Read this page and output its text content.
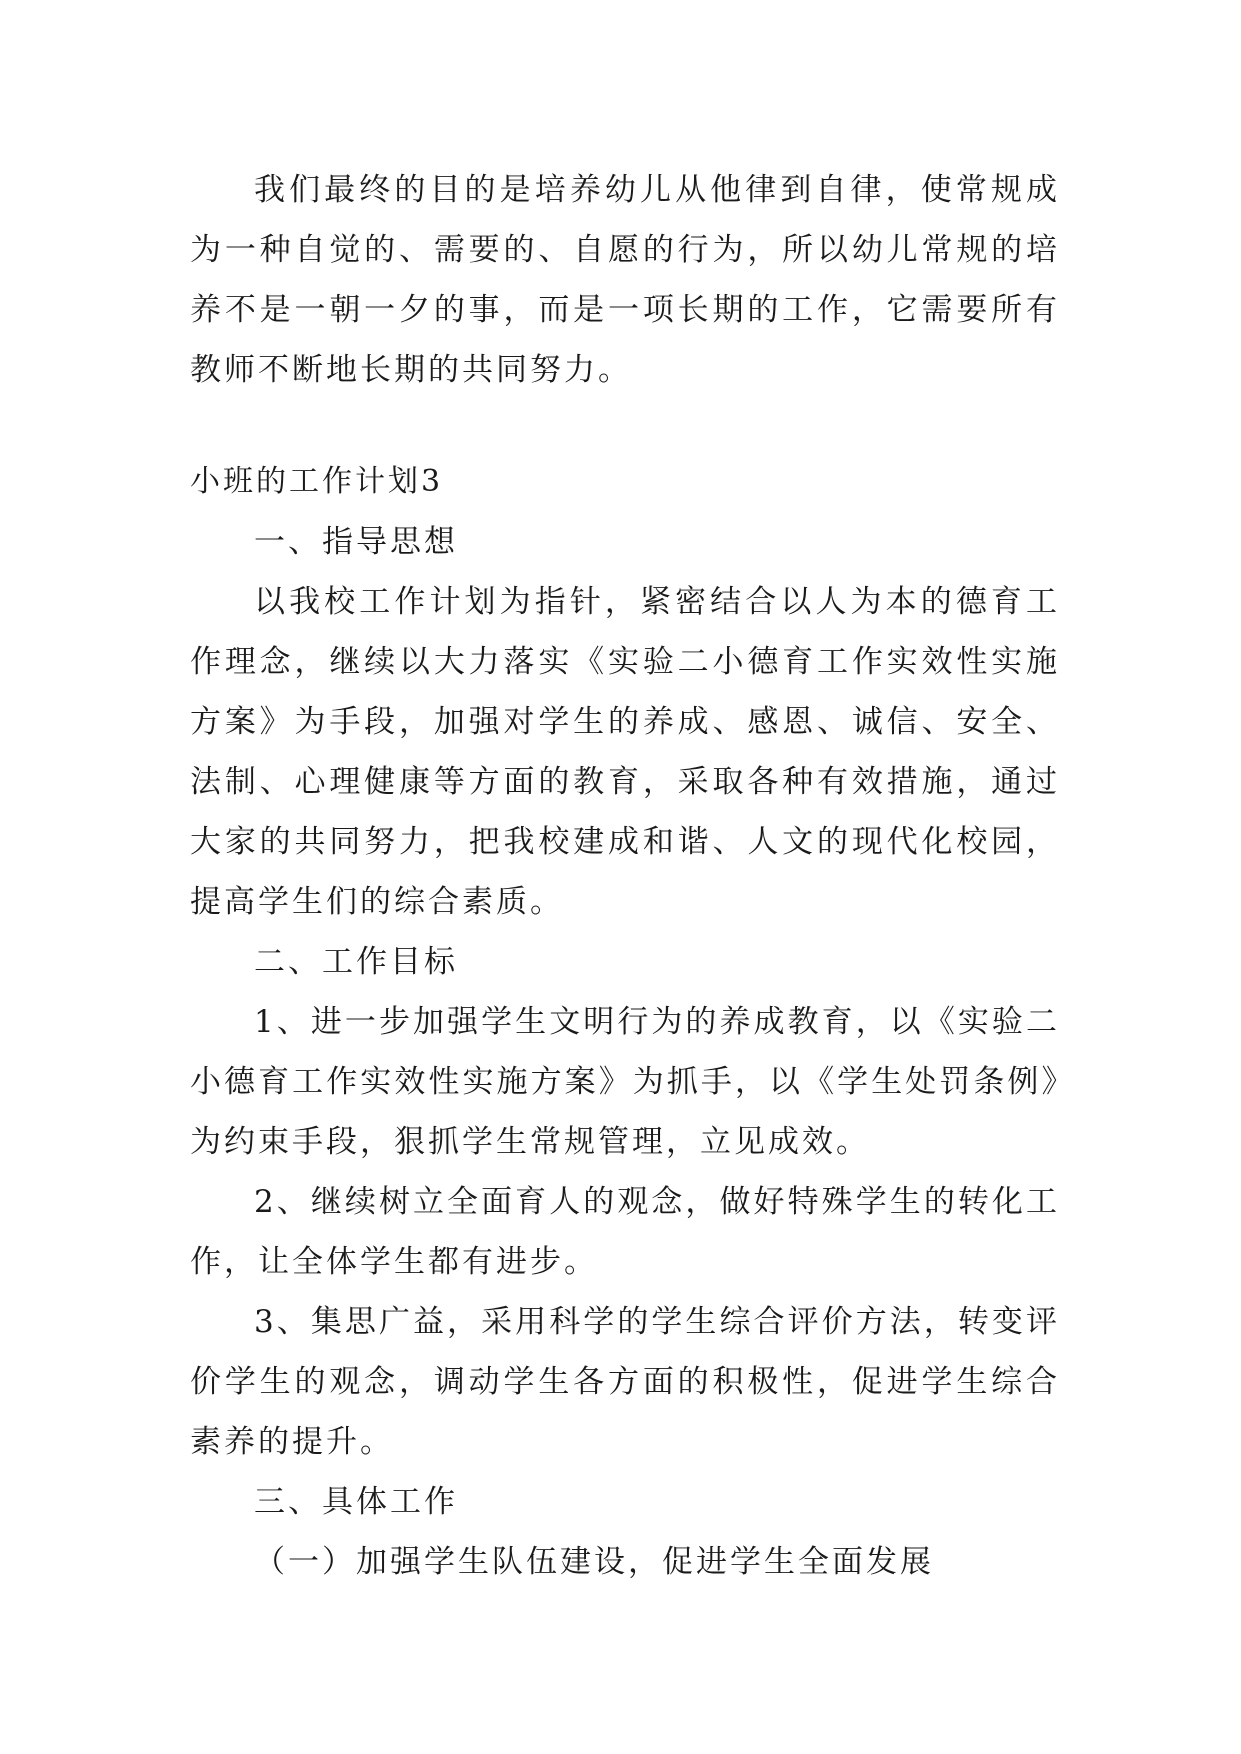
我们最终的目的是培养幼儿从他律到自律，使常规成为一种自觉的、需要的、自愿的行为，所以幼儿常规的培养不是一朝一夕的事，而是一项长期的工作，它需要所有教师不断地长期的共同努力。

小班的工作计划3

一、指导思想

以我校工作计划为指针，紧密结合以人为本的德育工作理念，继续以大力落实《实验二小德育工作实效性实施方案》为手段，加强对学生的养成、感恩、诚信、安全、法制、心理健康等方面的教育，采取各种有效措施，通过大家的共同努力，把我校建成和谐、人文的现代化校园，提高学生们的综合素质。

二、工作目标

1、进一步加强学生文明行为的养成教育，以《实验二小德育工作实效性实施方案》为抓手，以《学生处罚条例》为约束手段，狠抓学生常规管理，立见成效。

2、继续树立全面育人的观念，做好特殊学生的转化工作，让全体学生都有进步。

3、集思广益，采用科学的学生综合评价方法，转变评价学生的观念，调动学生各方面的积极性，促进学生综合素养的提升。

三、具体工作

（一）加强学生队伍建设，促进学生全面发展
